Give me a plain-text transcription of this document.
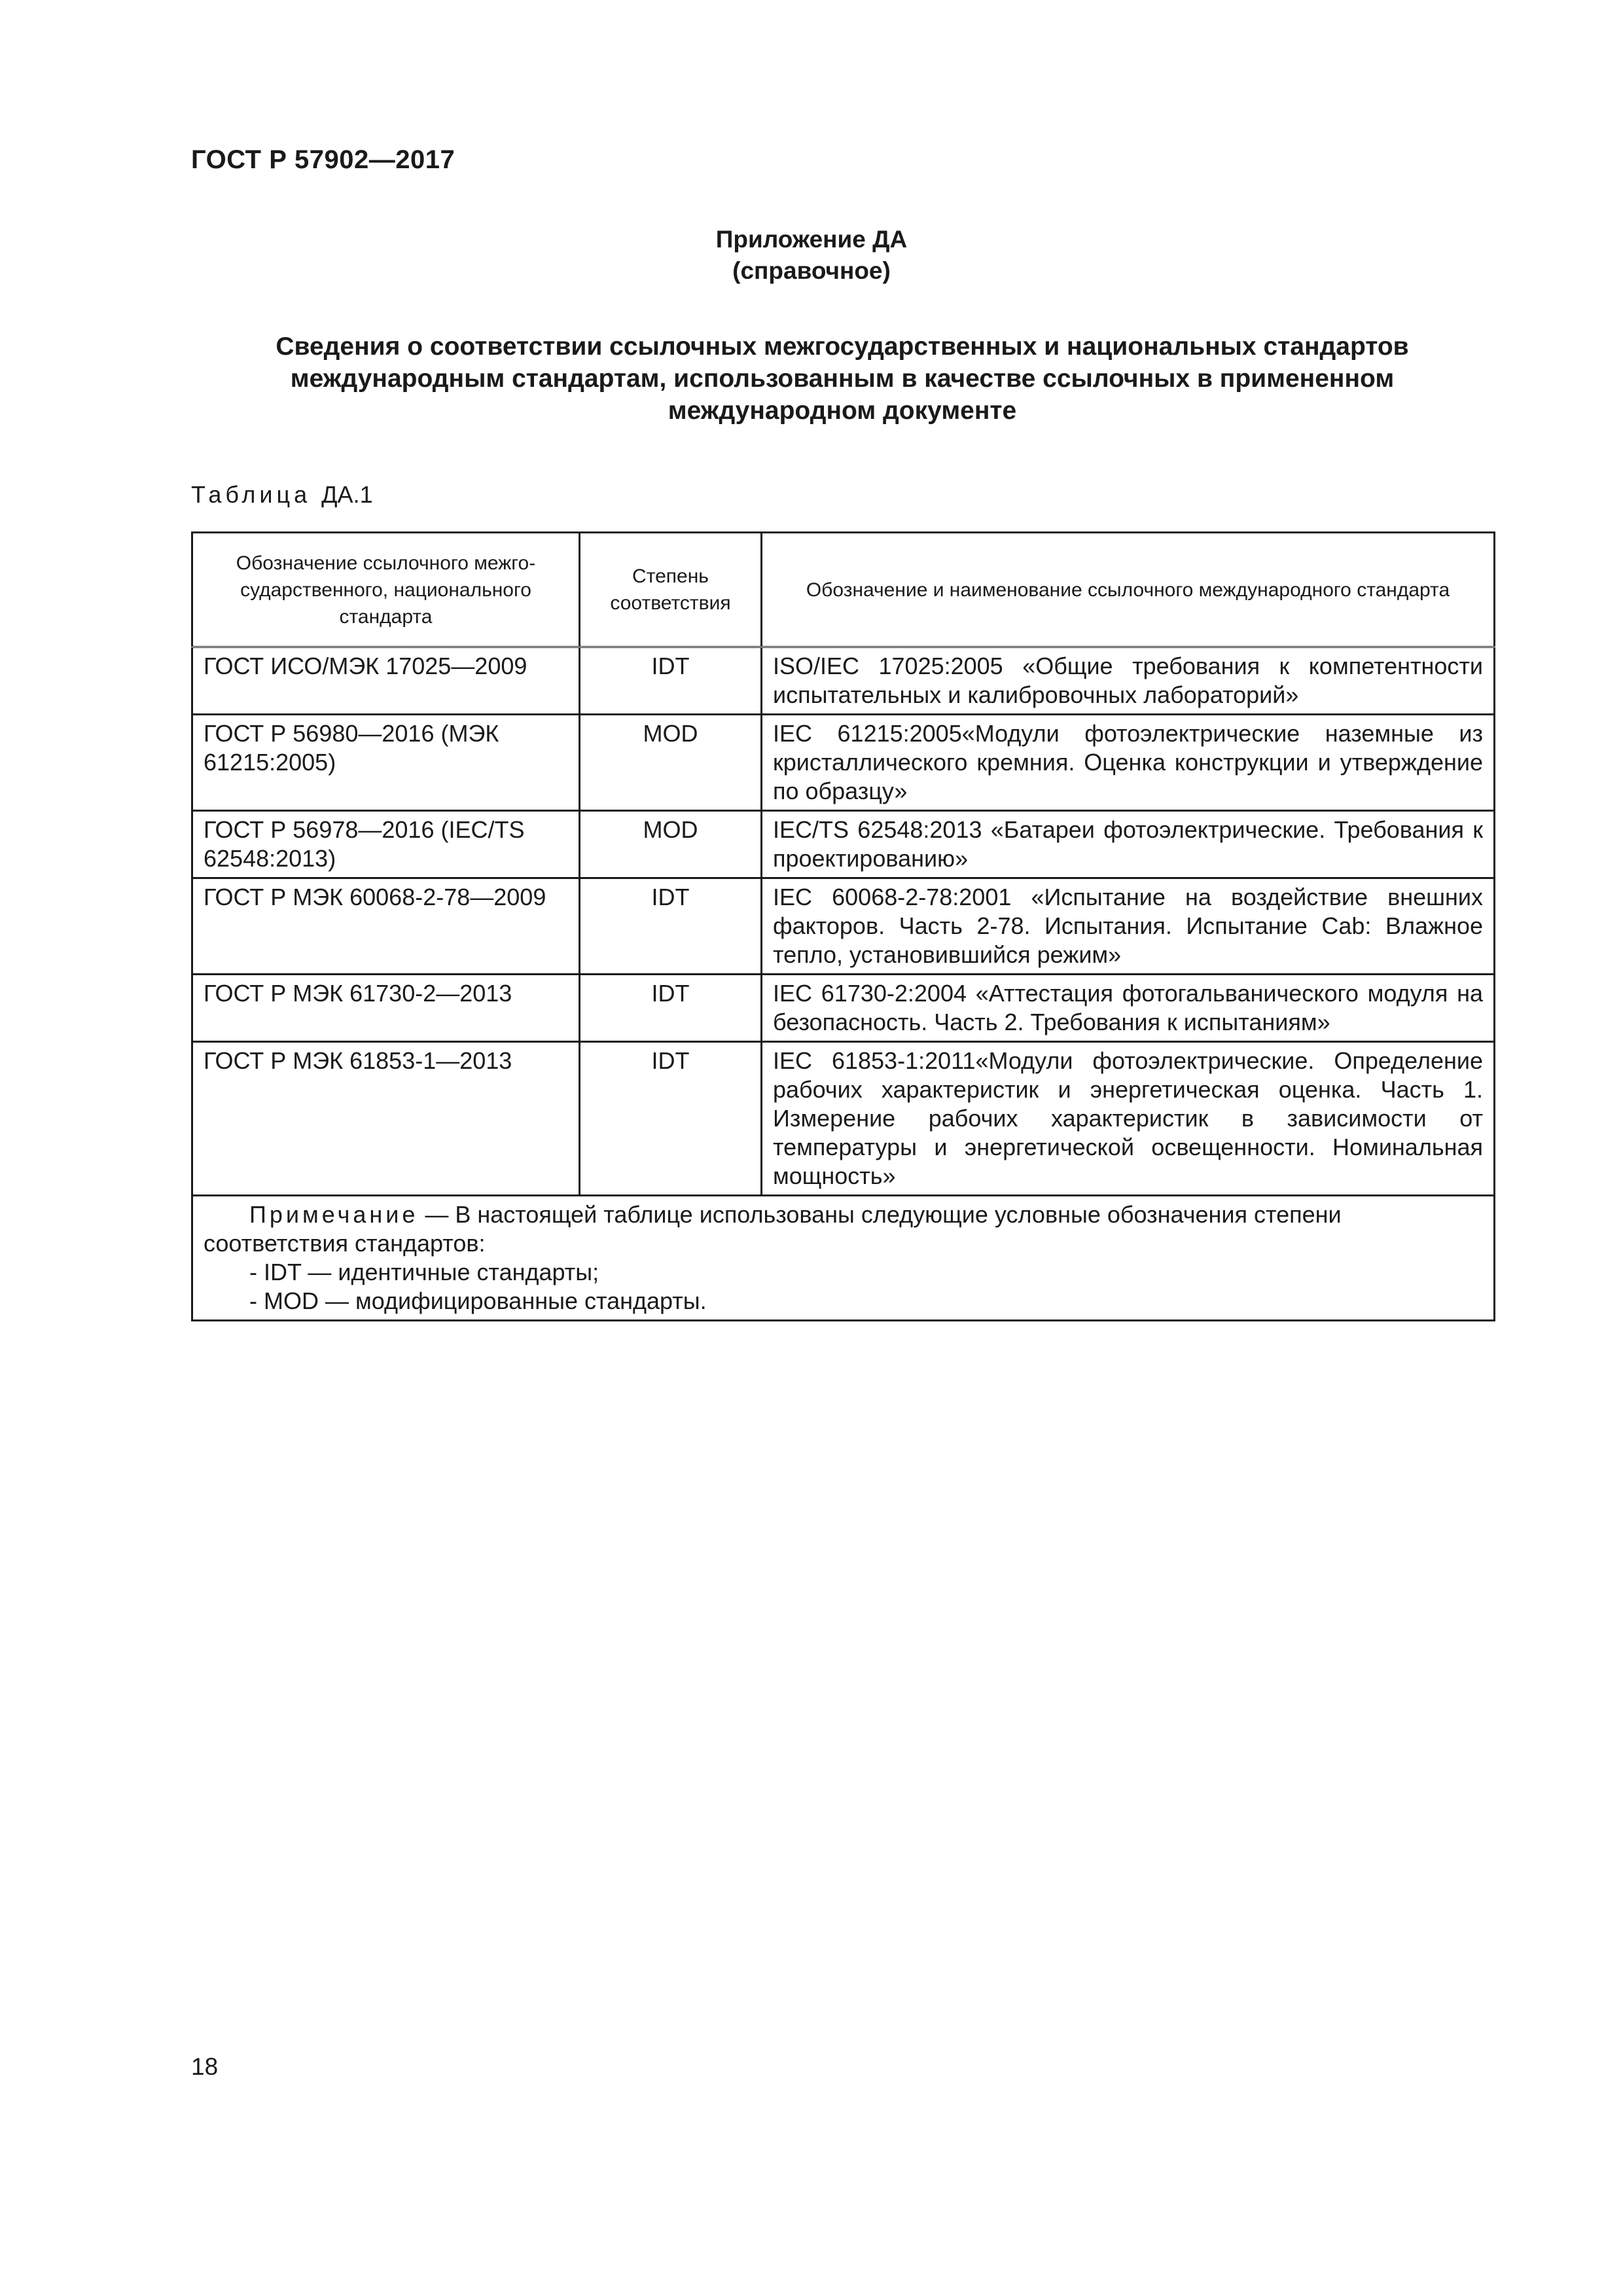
ГОСТ Р 57902—2017
Приложение ДА
(справочное)
Сведения о соответствии ссылочных межгосударственных и национальных стандартов
международным стандартам, использованным в качестве ссылочных в примененном
международном документе
Таблица ДА.1
Обозначение ссылочного межго-сударственного, национального стандарта	Степень соответствия	Обозначение и наименование ссылочного международного стандарта
ГОСТ ИСО/МЭК 17025—2009	IDT	ISO/IEC 17025:2005 «Общие требования к компетентности испытательных и калибровочных лабораторий»
ГОСТ Р 56980—2016 (МЭК 61215:2005)	MOD	IEC 61215:2005«Модули фотоэлектрические наземные из кристаллического кремния. Оценка конструкции и утверждение по образцу»
ГОСТ Р 56978—2016 (IEC/TS 62548:2013)	MOD	IEC/TS 62548:2013 «Батареи фотоэлектрические. Требования к проектированию»
ГОСТ Р МЭК 60068-2-78—2009	IDT	IEC 60068-2-78:2001 «Испытание на воздействие внешних факторов. Часть 2-78. Испытания. Испытание Cab: Влажное тепло, установившийся режим»
ГОСТ Р МЭК 61730-2—2013	IDT	IEC 61730-2:2004 «Аттестация фотогальванического модуля на безопасность. Часть 2. Требования к испытаниям»
ГОСТ Р МЭК 61853-1—2013	IDT	IEC 61853-1:2011«Модули фотоэлектрические. Определение рабочих характеристик и энергетическая оценка. Часть 1. Измерение рабочих характеристик в зависимости от температуры и энергетической освещенности. Номинальная мощность»

Примечание — В настоящей таблице использованы следующие условные обозначения степени соответствия стандартов:
- IDT — идентичные стандарты;
- MOD — модифицированные стандарты.		
18
